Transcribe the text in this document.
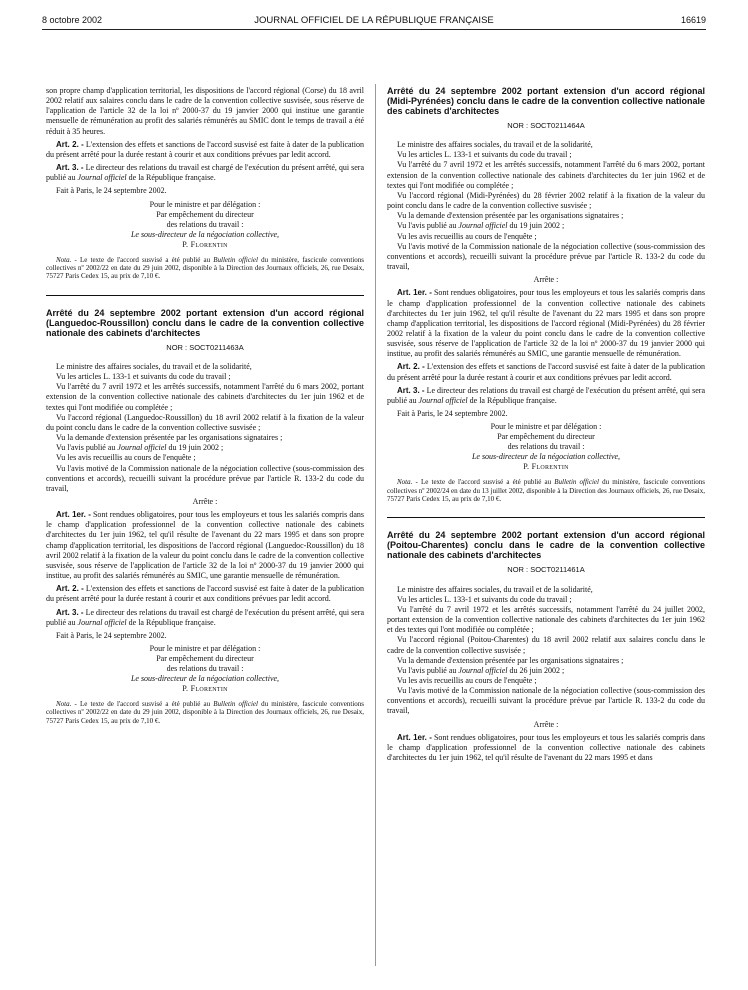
8 octobre 2002	JOURNAL OFFICIEL DE LA RÉPUBLIQUE FRANÇAISE	16619

son propre champ d'application territorial, les dispositions de l'accord régional (Corse) du 18 avril 2002 relatif aux salaires conclu dans le cadre de la convention collective susvisée, sous réserve de l'application de l'article 32 de la loi nº 2000-37 du 19 janvier 2000 qui institue une garantie mensuelle de rémunération au profit des salariés rémunérés au SMIC dont le temps de travail a été réduit à 35 heures.

Art. 2. - L'extension des effets et sanctions de l'accord susvisé est faite à dater de la publication du présent arrêté pour la durée restant à courir et aux conditions prévues par ledit accord.

Art. 3. - Le directeur des relations du travail est chargé de l'exécution du présent arrêté, qui sera publié au Journal officiel de la République française.

Fait à Paris, le 24 septembre 2002.

Pour le ministre et par délégation :
Par empêchement du directeur
des relations du travail :
Le sous-directeur de la négociation collective,
P. Florentin

Nota. - Le texte de l'accord susvisé a été publié au Bulletin officiel du ministère, fascicule conventions collectives nº 2002/22 en date du 29 juin 2002, disponible à la Direction des Journaux officiels, 26, rue Desaix, 75727 Paris Cedex 15, au prix de 7,10 €.

Arrêté du 24 septembre 2002 portant extension d'un accord régional (Languedoc-Roussillon) conclu dans le cadre de la convention collective nationale des cabinets d'architectes

NOR : SOCT0211463A

Le ministre des affaires sociales, du travail et de la solidarité,

Vu les articles L. 133-1 et suivants du code du travail ;

Vu l'arrêté du 7 avril 1972 et les arrêtés successifs, notamment l'arrêté du 6 mars 2002, portant extension de la convention collective nationale des cabinets d'architectes du 1er juin 1962 et de textes qui l'ont modifiée ou complétée ;

Vu l'accord régional (Languedoc-Roussillon) du 18 avril 2002 relatif à la fixation de la valeur du point conclu dans le cadre de la convention collective susvisée ;

Vu la demande d'extension présentée par les organisations signataires ;

Vu l'avis publié au Journal officiel du 19 juin 2002 ;

Vu les avis recueillis au cours de l'enquête ;

Vu l'avis motivé de la Commission nationale de la négociation collective (sous-commission des conventions et accords), recueilli suivant la procédure prévue par l'article R. 133-2 du code du travail,

Arrête :

Art. 1er. - Sont rendues obligatoires, pour tous les employeurs et tous les salariés compris dans le champ d'application professionnel de la convention collective nationale des cabinets d'architectes du 1er juin 1962, tel qu'il résulte de l'avenant du 22 mars 1995 et dans son propre champ d'application territorial, les dispositions de l'accord régional (Languedoc-Roussillon) du 18 avril 2002 relatif à la fixation de la valeur du point conclu dans le cadre de la convention collective susvisée, sous réserve de l'application de l'article 32 de la loi nº 2000-37 du 19 janvier 2000 qui institue, au profit des salariés rémunérés au SMIC, une garantie mensuelle de rémunération.

Art. 2. - L'extension des effets et sanctions de l'accord susvisé est faite à dater de la publication du présent arrêté pour la durée restant à courir et aux conditions prévues par ledit accord.

Art. 3. - Le directeur des relations du travail est chargé de l'exécution du présent arrêté, qui sera publié au Journal officiel de la République française.

Fait à Paris, le 24 septembre 2002.

Pour le ministre et par délégation :
Par empêchement du directeur
des relations du travail :
Le sous-directeur de la négociation collective,
P. Florentin

Nota. - Le texte de l'accord susvisé a été publié au Bulletin officiel du ministère, fascicule conventions collectives nº 2002/22 en date du 29 juin 2002, disponible à la Direction des Journaux officiels, 26, rue Desaix, 75727 Paris Cedex 15, au prix de 7,10 €.

Arrêté du 24 septembre 2002 portant extension d'un accord régional (Midi-Pyrénées) conclu dans le cadre de la convention collective nationale des cabinets d'architectes

NOR : SOCT0211464A

Le ministre des affaires sociales, du travail et de la solidarité,

Vu les articles L. 133-1 et suivants du code du travail ;

Vu l'arrêté du 7 avril 1972 et les arrêtés successifs, notamment l'arrêté du 6 mars 2002, portant extension de la convention collective nationale des cabinets d'architectes du 1er juin 1962 et de textes qui l'ont modifiée ou complétée ;

Vu l'accord régional (Midi-Pyrénées) du 28 février 2002 relatif à la fixation de la valeur du point conclu dans le cadre de la convention collective susvisée ;

Vu la demande d'extension présentée par les organisations signataires ;

Vu l'avis publié au Journal officiel du 19 juin 2002 ;

Vu les avis recueillis au cours de l'enquête ;

Vu l'avis motivé de la Commission nationale de la négociation collective (sous-commission des conventions et accords), recueilli suivant la procédure prévue par l'article R. 133-2 du code du travail,

Arrête :

Art. 1er. - Sont rendues obligatoires, pour tous les employeurs et tous les salariés compris dans le champ d'application professionnel de la convention collective nationale des cabinets d'architectes du 1er juin 1962, tel qu'il résulte de l'avenant du 22 mars 1995 et dans son propre champ d'application territorial, les dispositions de l'accord régional (Midi-Pyrénées) du 28 février 2002 relatif à la fixation de la valeur du point conclu dans le cadre de la convention collective susvisée, sous réserve de l'application de l'article 32 de la loi nº 2000-37 du 19 janvier 2000 qui institue, au profit des salariés rémunérés au SMIC, une garantie mensuelle de rémunération.

Art. 2. - L'extension des effets et sanctions de l'accord susvisé est faite à dater de la publication du présent arrêté pour la durée restant à courir et aux conditions prévues par ledit accord.

Art. 3. - Le directeur des relations du travail est chargé de l'exécution du présent arrêté, qui sera publié au Journal officiel de la République française.

Fait à Paris, le 24 septembre 2002.

Pour le ministre et par délégation :
Par empêchement du directeur
des relations du travail :
Le sous-directeur de la négociation collective,
P. Florentin

Nota. - Le texte de l'accord susvisé a été publié au Bulletin officiel du ministère, fascicule conventions collectives nº 2002/24 en date du 13 juillet 2002, disponible à la Direction des Journaux officiels, 26, rue Desaix, 75727 Paris Cedex 15, au prix de 7,10 €.

Arrêté du 24 septembre 2002 portant extension d'un accord régional (Poitou-Charentes) conclu dans le cadre de la convention collective nationale des cabinets d'architectes

NOR : SOCT0211461A

Le ministre des affaires sociales, du travail et de la solidarité,

Vu les articles L. 133-1 et suivants du code du travail ;

Vu l'arrêté du 7 avril 1972 et les arrêtés successifs, notamment l'arrêté du 24 juillet 2002, portant extension de la convention collective nationale des cabinets d'architectes du 1er juin 1962 et des textes qui l'ont modifiée ou complétée ;

Vu l'accord régional (Poitou-Charentes) du 18 avril 2002 relatif aux salaires conclu dans le cadre de la convention collective susvisée ;

Vu la demande d'extension présentée par les organisations signataires ;

Vu l'avis publié au Journal officiel du 26 juin 2002 ;

Vu les avis recueillis au cours de l'enquête ;

Vu l'avis motivé de la Commission nationale de la négociation collective (sous-commission des conventions et accords), recueilli suivant la procédure prévue par l'article R. 133-2 du code du travail,

Arrête :

Art. 1er. - Sont rendues obligatoires, pour tous les employeurs et tous les salariés compris dans le champ d'application professionnel de la convention collective nationale des cabinets d'architectes du 1er juin 1962, tel qu'il résulte de l'avenant du 22 mars 1995 et dans
